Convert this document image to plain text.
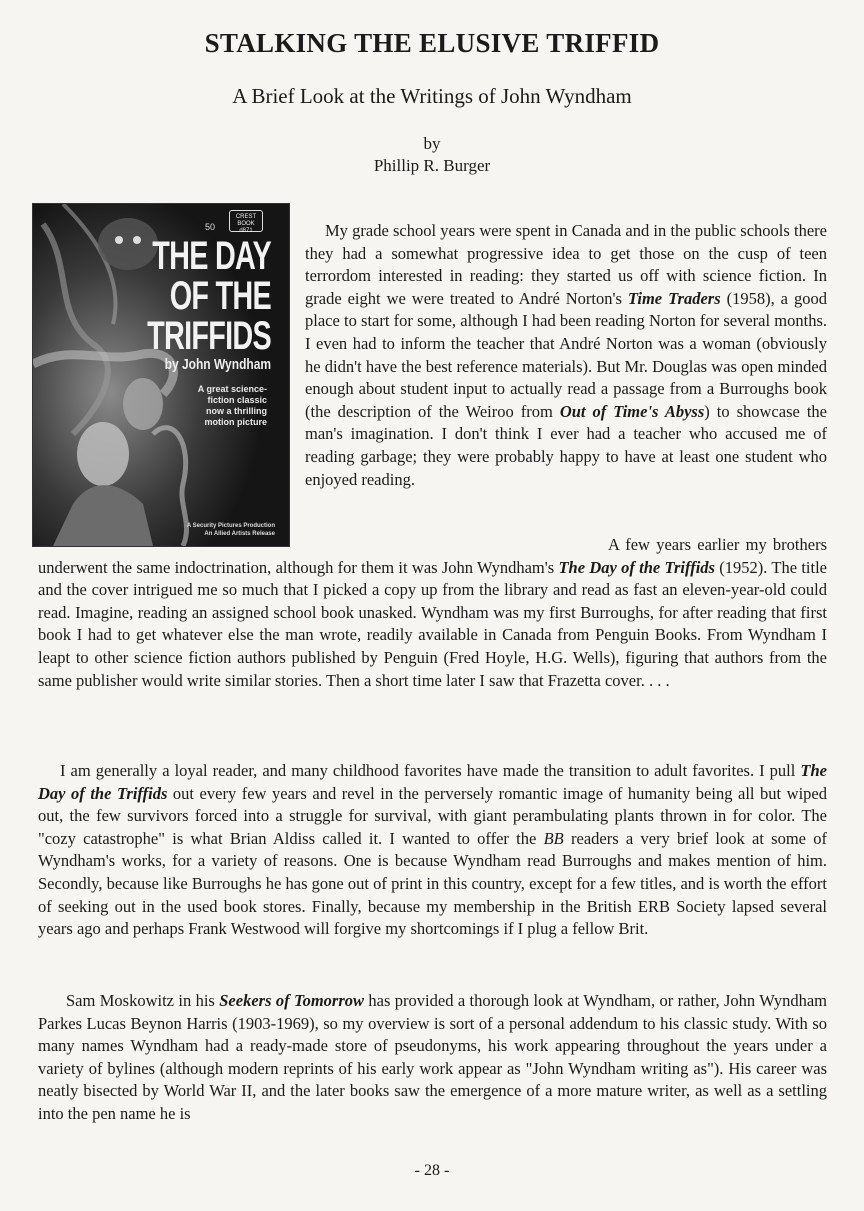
STALKING THE ELUSIVE TRIFFID
A Brief Look at the Writings of John Wyndham
by
Phillip R. Burger
50
CREST BOOK
d871
THE DAY
OF THE
TRIFFIDS
by John Wyndham
A great science-fiction classic now a thrilling motion picture
A Security Pictures Production
An Allied Artists Release

My grade school years were spent in Canada and in the public schools there they had a somewhat progressive idea to get those on the cusp of teen terrordom interested in reading: they started us off with science fiction. In grade eight we were treated to André Norton's Time Traders (1958), a good place to start for some, although I had been reading Norton for several months. I even had to inform the teacher that André Norton was a woman (obviously he didn't have the best reference materials). But Mr. Douglas was open minded enough about student input to actually read a passage from a Burroughs book (the description of the Weiroo from Out of Time's Abyss) to showcase the man's imagination. I don't think I ever had a teacher who accused me of reading garbage; they were probably happy to have at least one student who enjoyed reading.

A few years earlier my brothers underwent the same indoctrination, although for them it was John Wyndham's The Day of the Triffids (1952). The title and the cover intrigued me so much that I picked a copy up from the library and read as fast an eleven-year-old could read. Imagine, reading an assigned school book unasked. Wyndham was my first Burroughs, for after reading that first book I had to get whatever else the man wrote, readily available in Canada from Penguin Books. From Wyndham I leapt to other science fiction authors published by Penguin (Fred Hoyle, H.G. Wells), figuring that authors from the same publisher would write similar stories. Then a short time later I saw that Frazetta cover. . . .

I am generally a loyal reader, and many childhood favorites have made the transition to adult favorites. I pull The Day of the Triffids out every few years and revel in the perversely romantic image of humanity being all but wiped out, the few survivors forced into a struggle for survival, with giant perambulating plants thrown in for color. The "cozy catastrophe" is what Brian Aldiss called it. I wanted to offer the BB readers a very brief look at some of Wyndham's works, for a variety of reasons. One is because Wyndham read Burroughs and makes mention of him. Secondly, because like Burroughs he has gone out of print in this country, except for a few titles, and is worth the effort of seeking out in the used book stores. Finally, because my membership in the British ERB Society lapsed several years ago and perhaps Frank Westwood will forgive my shortcomings if I plug a fellow Brit.

Sam Moskowitz in his Seekers of Tomorrow has provided a thorough look at Wyndham, or rather, John Wyndham Parkes Lucas Beynon Harris (1903-1969), so my overview is sort of a personal addendum to his classic study. With so many names Wyndham had a ready-made store of pseudonyms, his work appearing throughout the years under a variety of bylines (although modern reprints of his early work appear as "John Wyndham writing as"). His career was neatly bisected by World War II, and the later books saw the emergence of a more mature writer, as well as a settling into the pen name he is

- 28 -
